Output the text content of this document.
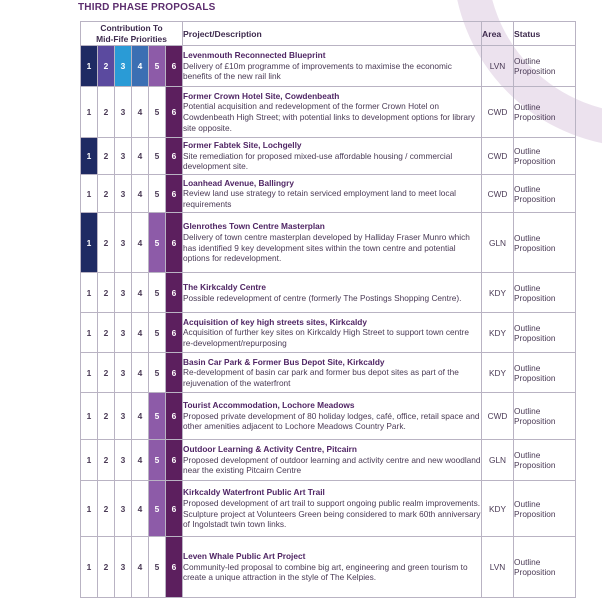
THIRD PHASE PROPOSALS
Contribution To
Mid-Fife Priorities						Project/Description	Area	Status
1	2	3	4	5	6	Levenmouth Reconnected Blueprint
Delivery of £10m programme of improvements to maximise the economic benefits of the new rail link	LVN	Outline Proposition
1	2	3	4	5	6	Former Crown Hotel Site, Cowdenbeath
Potential acquisition and redevelopment of the former Crown Hotel on Cowdenbeath High Street; with potential links to development options for library site opposite.	CWD	Outline Proposition
1	2	3	4	5	6	Former Fabtek Site, Lochgelly
Site remediation for proposed mixed-use affordable housing / commercial development site.	CWD	Outline Proposition
1	2	3	4	5	6	Loanhead Avenue, Ballingry
Review land use strategy to retain serviced employment land to meet local requirements	CWD	Outline Proposition
1	2	3	4	5	6	Glenrothes Town Centre Masterplan
Delivery of town centre masterplan developed by Halliday Fraser Munro which has identified 9 key development sites within the town centre and potential options for redevelopment.	GLN	Outline Proposition
1	2	3	4	5	6	The Kirkcaldy Centre
Possible redevelopment of centre (formerly The Postings Shopping Centre).	KDY	Outline Proposition
1	2	3	4	5	6	Acquisition of key high streets sites, Kirkcaldy
Acquisition of further key sites on Kirkcaldy High Street to support town centre re-development/repurposing	KDY	Outline Proposition
1	2	3	4	5	6	Basin Car Park & Former Bus Depot Site, Kirkcaldy
Re-development of basin car park and former bus depot sites as part of the rejuvenation of the waterfront	KDY	Outline Proposition
1	2	3	4	5	6	Tourist Accommodation, Lochore Meadows
Proposed private development of 80 holiday lodges, café, office, retail space and other amenities adjacent to Lochore Meadows Country Park.	CWD	Outline Proposition
1	2	3	4	5	6	Outdoor Learning & Activity Centre, Pitcairn
Proposed development of outdoor learning and activity centre and new woodland near the existing Pitcairn Centre	GLN	Outline Proposition
1	2	3	4	5	6	Kirkcaldy Waterfront Public Art Trail
Proposed development of art trail to support ongoing public realm improvements. Sculpture project at Volunteers Green being considered to mark 60th anniversary of Ingolstadt twin town links.	KDY	Outline Proposition
1	2	3	4	5	6	Leven Whale Public Art Project
Community-led proposal to combine big art, engineering and green tourism to create a unique attraction in the style of The Kelpies.	LVN	Outline Proposition
